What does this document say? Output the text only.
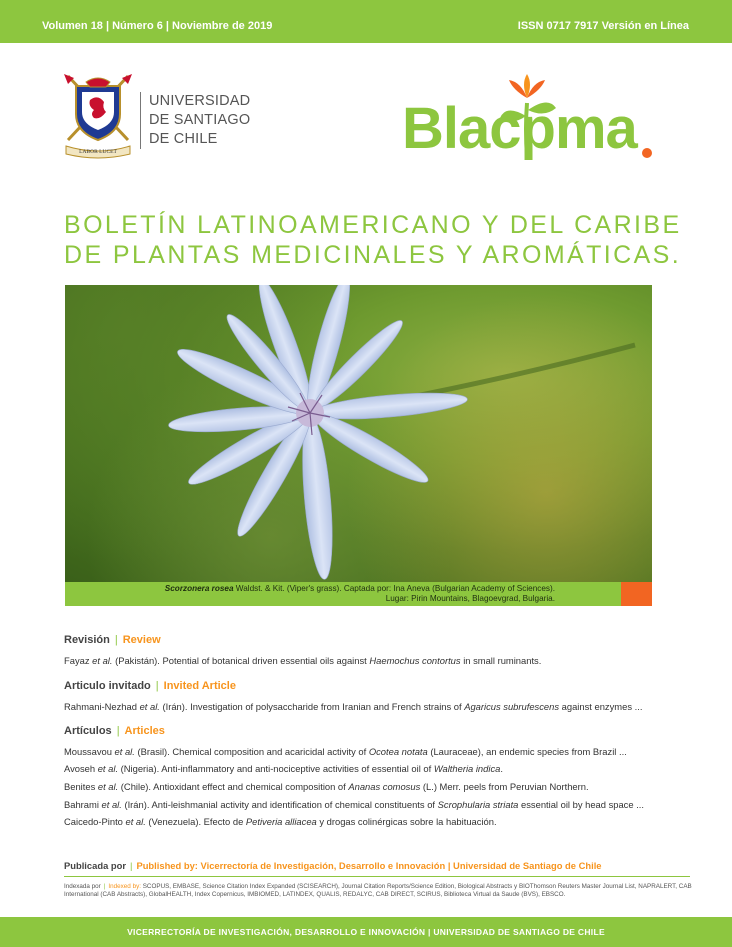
Volumen 18 | Número 6 | Noviembre de 2019	ISSN 0717 7917 Versión en Línea
LABOR LUCET
UNIVERSIDAD
DE SANTIAGO
DE CHILE	Blacpma
BOLETÍN LATINOAMERICANO Y DEL CARIBE
DE PLANTAS MEDICINALES Y AROMÁTICAS.
Scorzonera rosea Waldst. & Kit. (Viper's grass). Captada por: Ina Aneva (Bulgarian Academy of Sciences).
Lugar: Pirin Mountains, Blagoevgrad, Bulgaria.
Revisión | Review
Fayaz et al. (Pakistán). Potential of botanical driven essential oils against Haemochus contortus in small ruminants.
Articulo invitado | Invited Article
Rahmani-Nezhad et al. (Irán). Investigation of polysaccharide from Iranian and French strains of Agaricus subrufescens against enzymes ...
Artículos | Articles
Moussavou et al. (Brasil). Chemical composition and acaricidal activity of Ocotea notata (Lauraceae), an endemic species from Brazil ...
Avoseh et al. (Nigeria). Anti-inflammatory and anti-nociceptive activities of essential oil of Waltheria indica.
Benites et al. (Chile). Antioxidant effect and chemical composition of Ananas comosus (L.) Merr. peels from Peruvian Northern.
Bahrami et al. (Irán). Anti-leishmanial activity and identification of chemical constituents of Scrophularia striata essential oil by head space ...
Caicedo-Pinto et al. (Venezuela). Efecto de Petiveria alliacea y drogas colinérgicas sobre la habituación.
Publicada por | Published by: Vicerrectoría de Investigación, Desarrollo e Innovación | Universidad de Santiago de Chile
Indexada por | Indexed by: SCOPUS, EMBASE, Science Citation Index Expanded (SCISEARCH), Journal Citation Reports/Science Edition, Biological Abstracts y BIOThomson Reuters Master Journal List, NAPRALERT, CAB International (CAB Abstracts), GlobalHEALTH, Index Copernicus, IMBIOMED, LATINDEX, QUALIS, REDALYC, CAB DIRECT, SCIRUS, Biblioteca Virtual da Saude (BVS), EBSCO.
VICERRECTORÍA DE INVESTIGACIÓN, DESARROLLO E INNOVACIÓN | UNIVERSIDAD DE SANTIAGO DE CHILE
